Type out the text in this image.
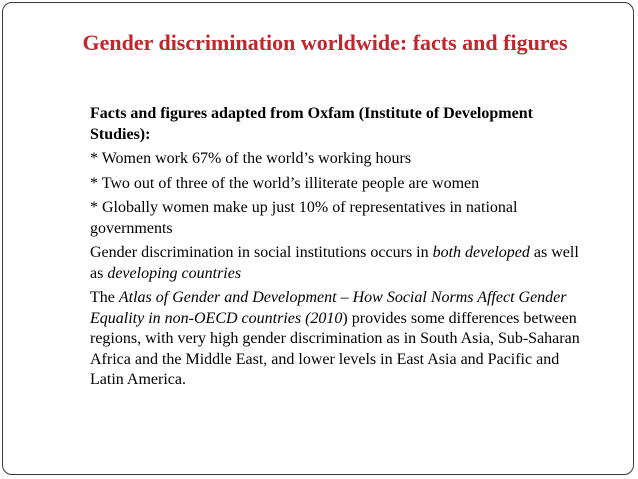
Gender discrimination worldwide: facts and figures
Facts and figures adapted from Oxfam (Institute of Development Studies):
* Women work 67% of the world’s working hours
* Two out of three of the world’s illiterate people are women
* Globally women make up just 10% of representatives in national governments
Gender discrimination in social institutions occurs in both developed as well as developing countries
The Atlas of Gender and Development – How Social Norms Affect Gender Equality in non-OECD countries (2010) provides some differences between regions, with very high gender discrimination as in South Asia, Sub-Saharan Africa and the Middle East, and lower levels in East Asia and Pacific and Latin America.
